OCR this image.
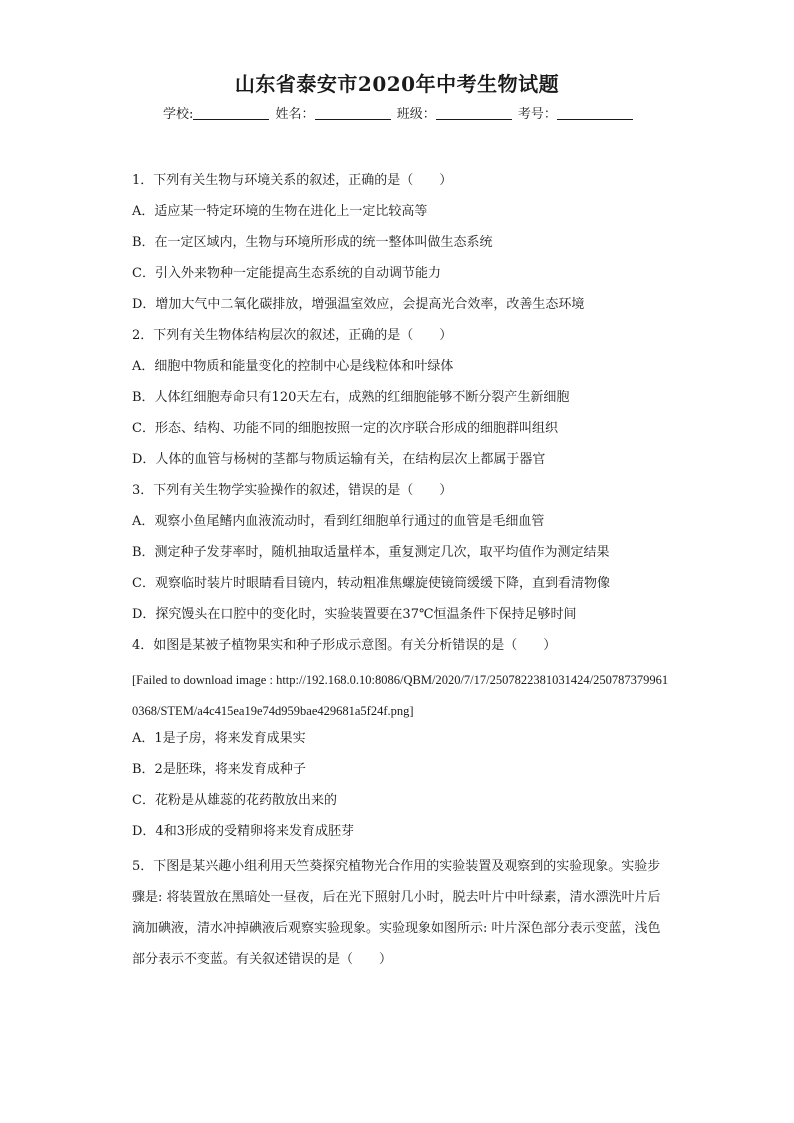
山东省泰安市2020年中考生物试题
学校:	姓名：	班级：	考号：
1．下列有关生物与环境关系的叙述，正确的是（　　）
A．适应某一特定环境的生物在进化上一定比较高等
B．在一定区域内，生物与环境所形成的统一整体叫做生态系统
C．引入外来物种一定能提高生态系统的自动调节能力
D．增加大气中二氧化碳排放，增强温室效应，会提高光合效率，改善生态环境
2．下列有关生物体结构层次的叙述，正确的是（　　）
A．细胞中物质和能量变化的控制中心是线粒体和叶绿体
B．人体红细胞寿命只有120天左右，成熟的红细胞能够不断分裂产生新细胞
C．形态、结构、功能不同的细胞按照一定的次序联合形成的细胞群叫组织
D．人体的血管与杨树的茎都与物质运输有关，在结构层次上都属于器官
3．下列有关生物学实验操作的叙述，错误的是（　　）
A．观察小鱼尾鳍内血液流动时，看到红细胞单行通过的血管是毛细血管
B．测定种子发芽率时，随机抽取适量样本，重复测定几次，取平均值作为测定结果
C．观察临时装片时眼睛看目镜内，转动粗准焦螺旋使镜筒缓缓下降，直到看清物像
D．探究馒头在口腔中的变化时，实验装置要在37℃恒温条件下保持足够时间
4．如图是某被子植物果实和种子形成示意图。有关分析错误的是（　　）
[Failed to download image : http://192.168.0.10:8086/QBM/2020/7/17/2507822381031424/2507873799610368/STEM/a4c415ea19e74d959bae429681a5f24f.png]
A．1是子房，将来发育成果实
B．2是胚珠，将来发育成种子
C．花粉是从雄蕊的花药散放出来的
D．4和3形成的受精卵将来发育成胚芽
5．下图是某兴趣小组利用天竺葵探究植物光合作用的实验装置及观察到的实验现象。实验步骤是: 将装置放在黑暗处一昼夜，后在光下照射几小时，脱去叶片中叶绿素，清水漂洗叶片后滴加碘液，清水冲掉碘液后观察实验现象。实验现象如图所示: 叶片深色部分表示变蓝，浅色部分表示不变蓝。有关叙述错误的是（　　）
